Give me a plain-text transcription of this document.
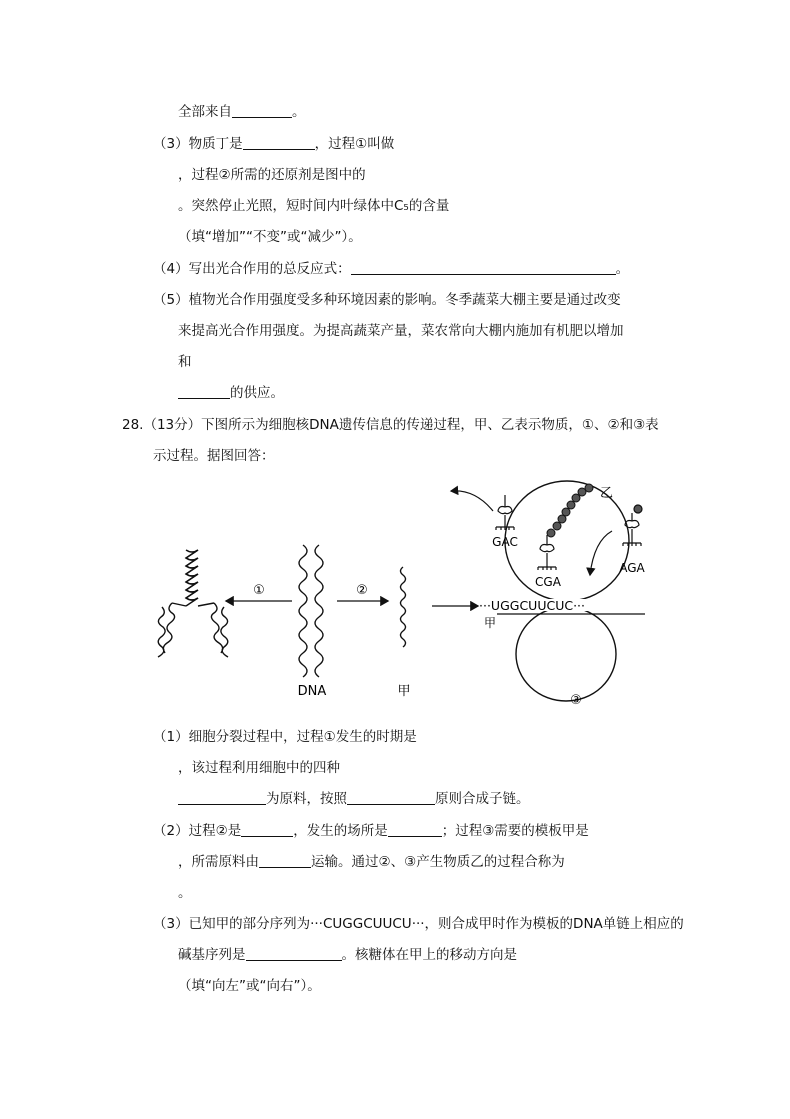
全部来自	。
（3）物质丁是	，过程①叫做
，过程②所需的还原剂是图中的
。突然停止光照，短时间内叶绿体中C₅的含量
（填“增加”“不变”或“减少”）。
（4）写出光合作用的总反应式：	。
（5）植物光合作用强度受多种环境因素的影响。冬季蔬菜大棚主要是通过改变
来提高光合作用强度。为提高蔬菜产量，菜农常向大棚内施加有机肥以增加
和
的供应。
28.（13分）下图所示为细胞核DNA遗传信息的传递过程，甲、乙表示物质，①、②和③表
示过程。据图回答：
①	②
···UGGCUUCUC···
甲
③
GAC
CGA
乙
AGA
DNA	甲
（1）细胞分裂过程中，过程①发生的时期是
，该过程利用细胞中的四种
为原料，按照	原则合成子链。
（2）过程②是	，发生的场所是	；过程③需要的模板甲是
，所需原料由	运输。通过②、③产生物质乙的过程合称为
。
（3）已知甲的部分序列为···CUGGCUUCU···，则合成甲时作为模板的DNA单链上相应的
碱基序列是	。核糖体在甲上的移动方向是
（填“向左”或“向右”）。
